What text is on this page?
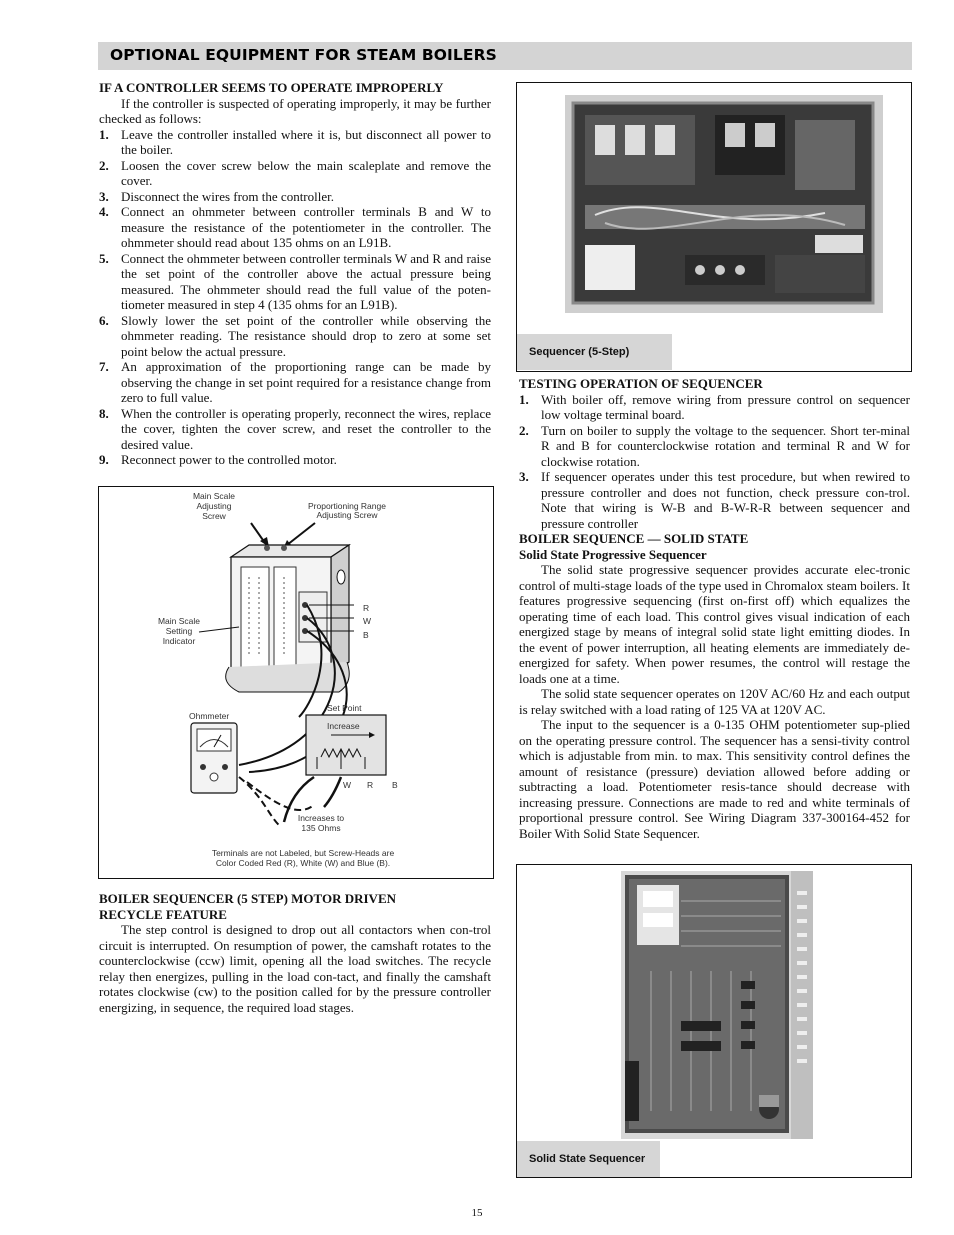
OPTIONAL EQUIPMENT FOR STEAM BOILERS
IF A CONTROLLER SEEMS TO OPERATE IMPROPERLY

If the controller is suspected of operating improperly, it may be further checked as follows:

1. Leave the controller installed where it is, but disconnect all power to the boiler.
2. Loosen the cover screw below the main scaleplate and remove the cover.
3. Disconnect the wires from the controller.
4. Connect an ohmmeter between controller terminals B and W to measure the resistance of the potentiometer in the controller. The ohmmeter should read about 135 ohms on an L91B.
5. Connect the ohmmeter between controller terminals W and R and raise the set point of the controller above the actual pressure being measured. The ohmmeter should read the full value of the poten-tiometer measured in step 4 (135 ohms for an L91B).
6. Slowly lower the set point of the controller while observing the ohmmeter reading. The resistance should drop to zero at some set point below the actual pressure.
7. An approximation of the proportioning range can be made by observing the change in set point required for a resistance change from zero to full value.
8. When the controller is operating properly, reconnect the wires, replace the cover, tighten the cover screw, and reset the controller to the desired value.
9. Reconnect power to the controlled motor.
Main Scale
Adjusting
Screw
Proportioning Range
Adjusting Screw
R
W
B
Main Scale
Setting
Indicator
Ohmmeter
Set Point
Increase
W R B
Increases to
135 Ohms
Terminals are not Labeled, but Screw-Heads are
Color Coded Red (R), White (W) and Blue (B).
BOILER SEQUENCER (5 STEP) MOTOR DRIVEN
RECYCLE FEATURE

The step control is designed to drop out all contactors when con-trol circuit is interrupted. On resumption of power, the camshaft rotates to the counterclockwise (ccw) limit, opening all the load switches. The recycle relay then energizes, pulling in the load con-tact, and finally the camshaft rotates clockwise (cw) to the position called for by the pressure controller energizing, in sequence, the required load stages.

Sequencer (5-Step)
TESTING OPERATION OF SEQUENCER
1. With boiler off, remove wiring from pressure control on sequencer low voltage terminal board.
2. Turn on boiler to supply the voltage to the sequencer. Short ter-minal R and B for counterclockwise rotation and terminal R and W for clockwise rotation.
3. If sequencer operates under this test procedure, but when rewired to pressure controller and does not function, check pressure con-trol. Note that wiring is W-B and B-W-R-R between sequencer and pressure controller
BOILER SEQUENCE — SOLID STATE
Solid State Progressive Sequencer

The solid state progressive sequencer provides accurate elec-tronic control of multi-stage loads of the type used in Chromalox steam boilers. It features progressive sequencing (first on-first off) which equalizes the operating time of each load. This control gives visual indication of each energized stage by means of integral solid state light emitting diodes. In the event of power interruption, all heating elements are immediately de-energized for safety. When power resumes, the control will restage the loads one at a time.

The solid state sequencer operates on 120V AC/60 Hz and each output is relay switched with a load rating of 125 VA at 120V AC.

The input to the sequencer is a 0-135 OHM potentiometer sup-plied on the operating pressure control. The sequencer has a sensi-tivity control which is adjustable from min. to max. This sensitivity control defines the amount of resistance (pressure) deviation allowed before adding or subtracting a load. Potentiometer resis-tance should decrease with increasing pressure. Connections are made to red and white terminals of proportional pressure control. See Wiring Diagram 337-300164-452 for Boiler With Solid State Sequencer.

Solid State Sequencer
15
